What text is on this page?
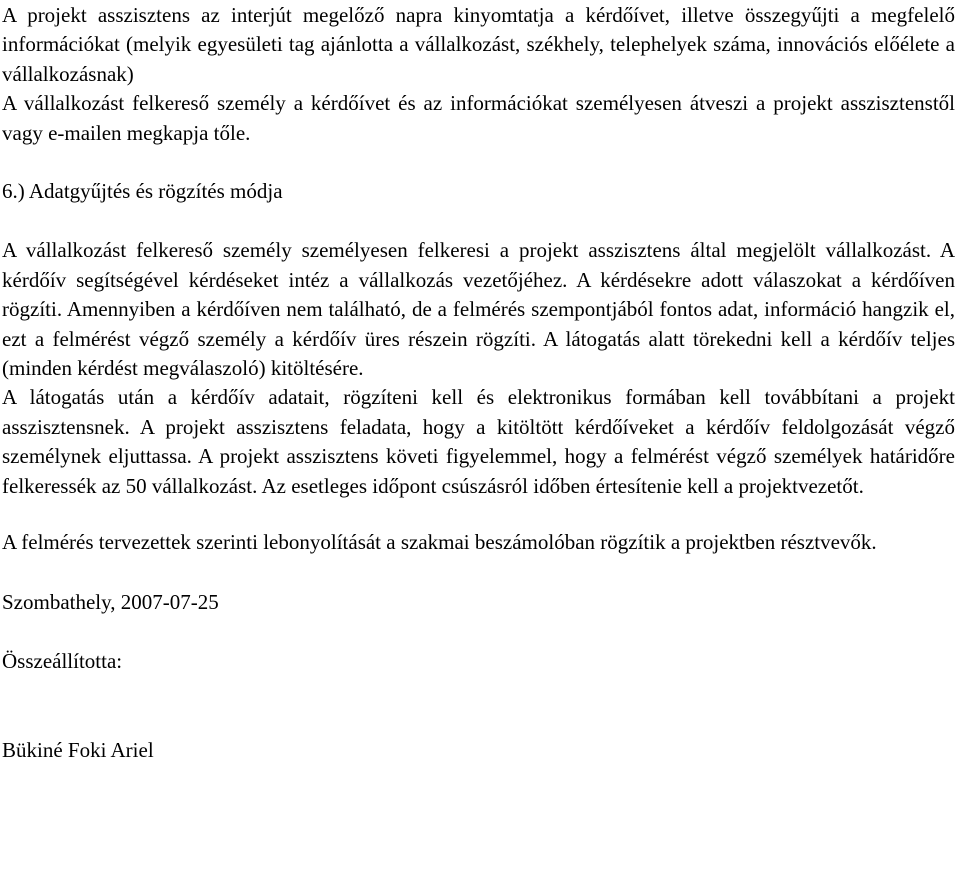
A projekt asszisztens az interjút megelőző napra kinyomtatja a kérdőívet, illetve összegyűjti a megfelelő információkat (melyik egyesületi tag ajánlotta a vállalkozást, székhely, telephelyek száma, innovációs előélete a vállalkozásnak)

A vállalkozást felkereső személy a kérdőívet és az információkat személyesen átveszi a projekt asszisztenstől vagy e-mailen megkapja tőle.

6.) Adatgyűjtés és rögzítés módja

A vállalkozást felkereső személy személyesen felkeresi a projekt asszisztens által megjelölt vállalkozást. A kérdőív segítségével kérdéseket intéz a vállalkozás vezetőjéhez. A kérdésekre adott válaszokat a kérdőíven rögzíti. Amennyiben a kérdőíven nem található, de a felmérés szempontjából fontos adat, információ hangzik el, ezt a felmérést végző személy a kérdőív üres részein rögzíti. A látogatás alatt törekedni kell a kérdőív teljes (minden kérdést megválaszoló) kitöltésére.

A látogatás után a kérdőív adatait, rögzíteni kell és elektronikus formában kell továbbítani a projekt asszisztensnek. A projekt asszisztens feladata, hogy a kitöltött kérdőíveket a kérdőív feldolgozását végző személynek eljuttassa. A projekt asszisztens követi figyelemmel, hogy a felmérést végző személyek határidőre felkeressék az 50 vállalkozást. Az esetleges időpont csúszásról időben értesítenie kell a projektvezetőt.

A felmérés tervezettek szerinti lebonyolítását a szakmai beszámolóban rögzítik a projektben résztvevők.

Szombathely, 2007-07-25

Összeállította:

Bükiné Foki Ariel
